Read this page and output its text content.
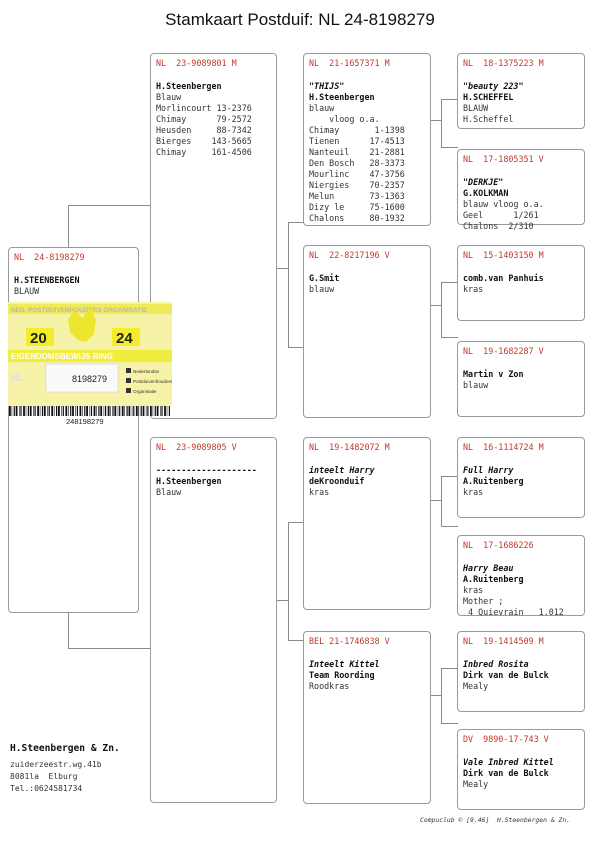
Stamkaart Postduif: NL 24-8198279
NL  24-8198279
H.STEENBERGEN
BLAUW
NL  23-9089801 M
H.Steenbergen
Blauw
Morlincourt 13-2376
Chimay      79-2572
Heusden     88-7342
Bierges    143-5665
Chimay     161-4506
NL  23-9089805 V
--------------------
H.Steenbergen
Blauw
NL  21-1657371 M
"THIJS"
H.Steenbergen
blauw
vloog o.a.
Chimay       1-1398
Tienen      17-4513
Nanteuil    21-2881
Den Bosch   28-3373
Mourlinc    47-3756
Niergies    70-2357
Melun       73-1363
Dizy le     75-1600
Chalons     80-1932
NL  22-8217196 V
G.Smit
blauw
NL  19-1482072 M
inteelt Harry
deKroonduif
kras
BEL 21-1746838 V
Inteelt Kittel
Team Roording
Roodkras
NL  18-1375223 M
"beauty 223"
H.SCHEFFEL
BLAUW
H.Scheffel
NL  17-1805351 V
"DERKJE"
G.KOLKMAN
blauw vloog o.a.
Geel      1/261
Chalons  2/310
NL  15-1403150 M
comb.van Panhuis
kras
NL  19-1682287 V
Martin v Zon
blauw
NL  16-1114724 M
Full Harry
A.Ruitenberg
kras
NL  17-1686226
Harry Beau
A.Ruitenberg
kras
Mother ;
4 Quievrain   1.012
NL  19-1414509 M
Inbred Rosita
Dirk van de Bulck
Mealy
DV  9890-17-743 V
Vale Inbred Kittel
Dirk van de Bulck
Mealy
NED. POSTDUIVENHOUDERS ORGANISATIE
20	24
EIGENDOMSBEWIJS RING
NL	8198279
Nederlandse
Postduivenhouders
Organisatie
248198279
H.Steenbergen & Zn.
zuiderzeestr.wg.41b
8081la  Elburg
Tel.:0624581734
Compuclub © [9.46]  H.Steenbergen & Zn.
